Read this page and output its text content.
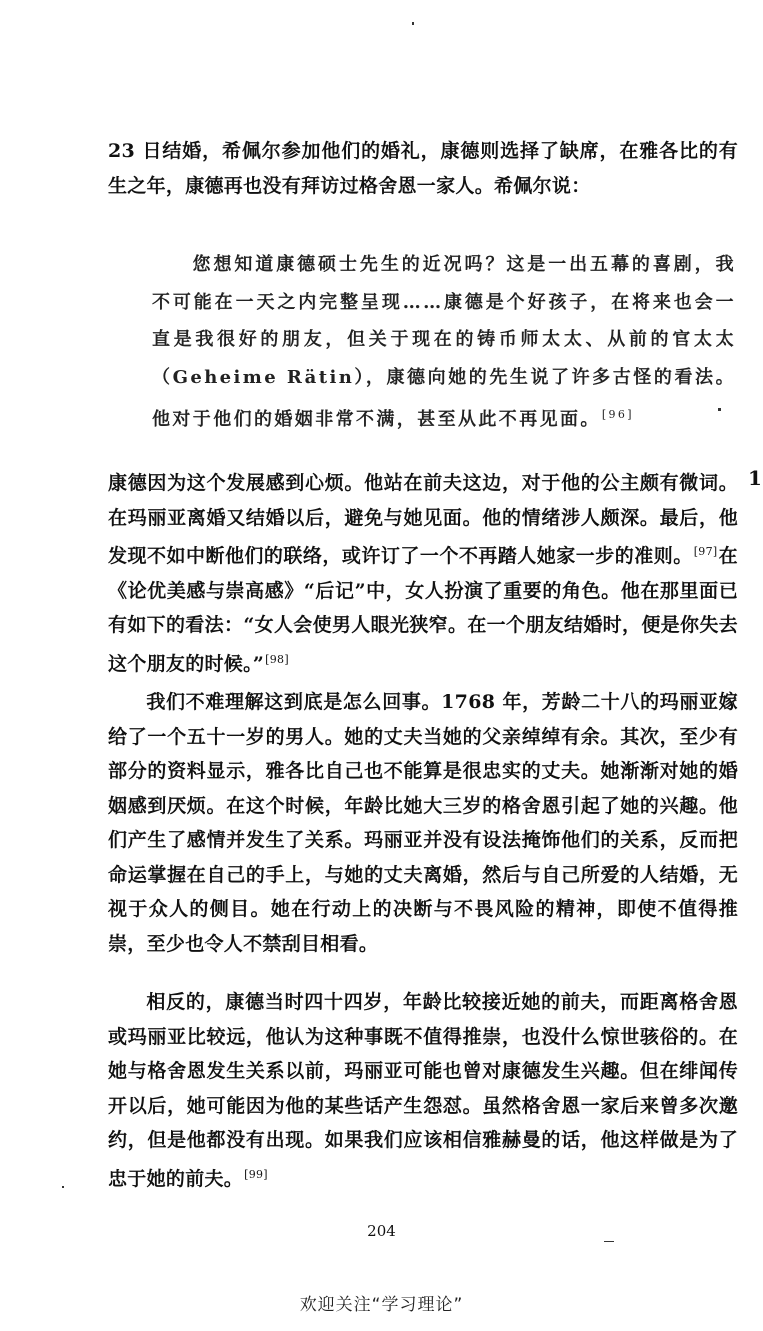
23 日结婚，希佩尔参加他们的婚礼，康德则选择了缺席，在雅各比的有生之年，康德再也没有拜访过格舍恩一家人。希佩尔说：
您想知道康德硕士先生的近况吗？这是一出五幕的喜剧，我不可能在一天之内完整呈现……康德是个好孩子，在将来也会一直是我很好的朋友，但关于现在的铸币师太太、从前的官太太（Geheime Rätin），康德向她的先生说了许多古怪的看法。他对于他们的婚姻非常不满，甚至从此不再见面。[96]
康德因为这个发展感到心烦。他站在前夫这边，对于他的公主颇有微词。在玛丽亚离婚又结婚以后，避免与她见面。他的情绪涉人颇深。最后，他发现不如中断他们的联络，或许订了一个不再踏人她家一步的准则。[97]在《论优美感与崇高感》“后记”中，女人扮演了重要的角色。他在那里面已有如下的看法：“女人会使男人眼光狭窄。在一个朋友结婚时，便是你失去这个朋友的时候。”[98]
1
我们不难理解这到底是怎么回事。1768 年，芳龄二十八的玛丽亚嫁给了一个五十一岁的男人。她的丈夫当她的父亲绰绰有余。其次，至少有部分的资料显示，雅各比自己也不能算是很忠实的丈夫。她渐渐对她的婚姻感到厌烦。在这个时候，年龄比她大三岁的格舍恩引起了她的兴趣。他们产生了感情并发生了关系。玛丽亚并没有设法掩饰他们的关系，反而把命运掌握在自己的手上，与她的丈夫离婚，然后与自己所爱的人结婚，无视于众人的侧目。她在行动上的决断与不畏风险的精神，即使不值得推崇，至少也令人不禁刮目相看。
相反的，康德当时四十四岁，年龄比较接近她的前夫，而距离格舍恩或玛丽亚比较远，他认为这种事既不值得推崇，也没什么惊世骇俗的。在她与格舍恩发生关系以前，玛丽亚可能也曾对康德发生兴趣。但在绯闻传开以后，她可能因为他的某些话产生怨怼。虽然格舍恩一家后来曾多次邀约，但是他都没有出现。如果我们应该相信雅赫曼的话，他这样做是为了忠于她的前夫。[99]
204
欢迎关注“学习理论”
